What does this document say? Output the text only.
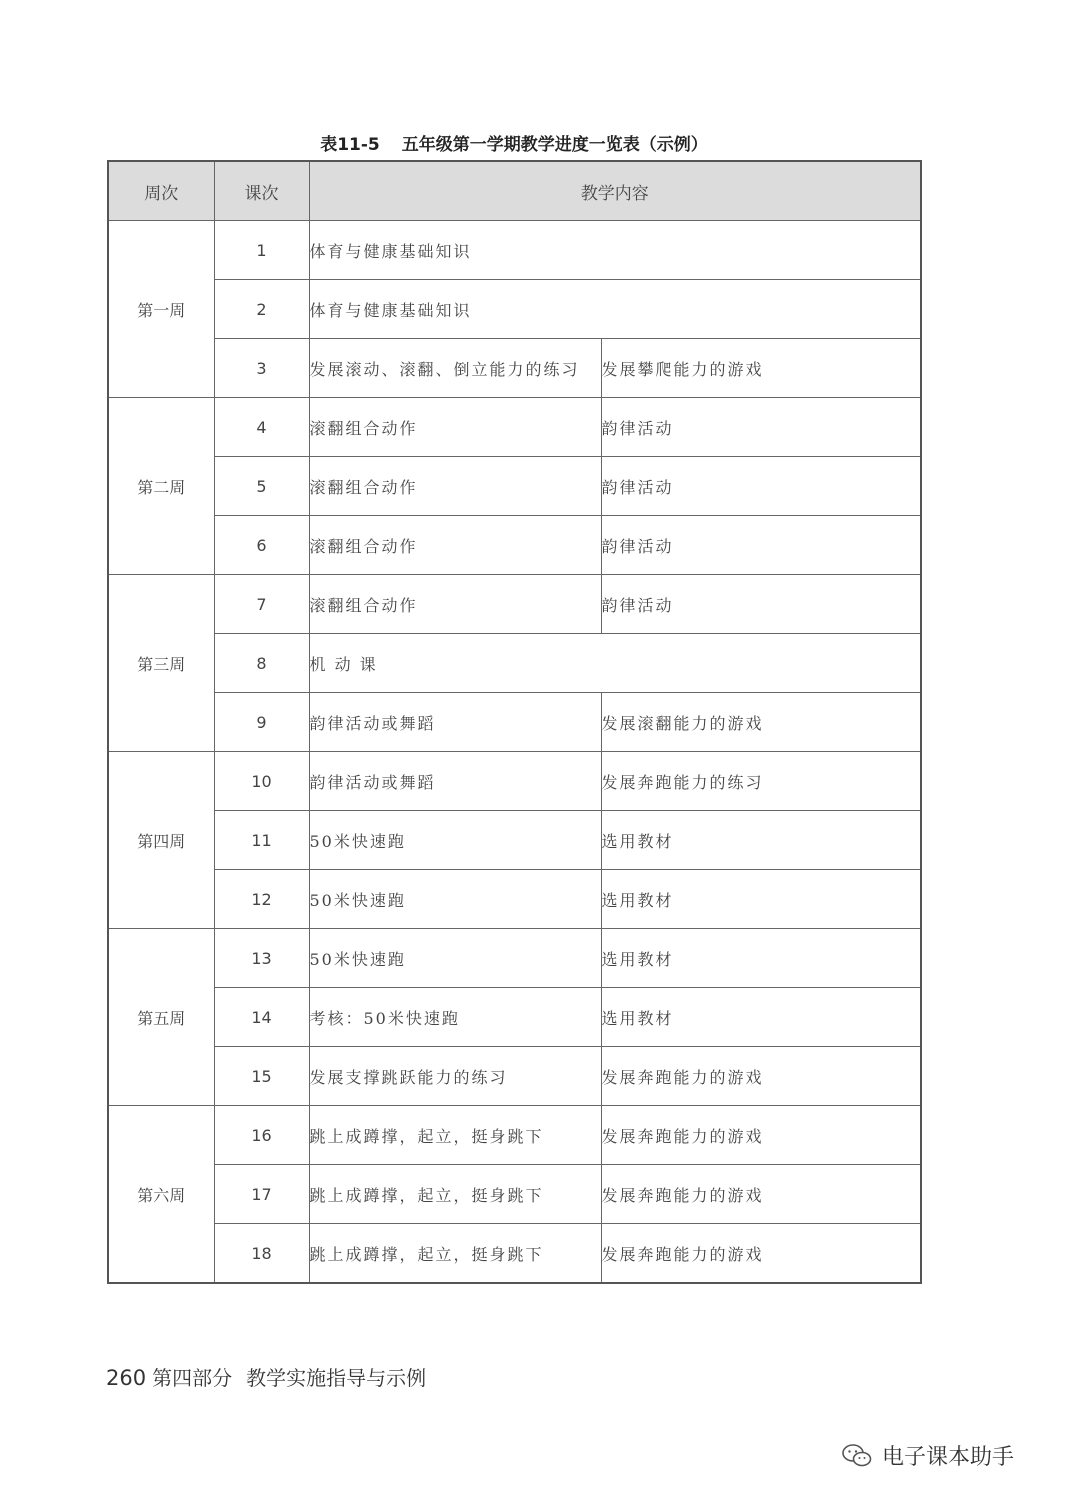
表11-5 五年级第一学期教学进度一览表（示例）
周次	课次	教学内容	
第一周	1	体育与健康基础知识	
	2	体育与健康基础知识	
	3	发展滚动、滚翻、倒立能力的练习	发展攀爬能力的游戏
第二周	4	滚翻组合动作	韵律活动
	5	滚翻组合动作	韵律活动
	6	滚翻组合动作	韵律活动
第三周	7	滚翻组合动作	韵律活动
	8	机 动 课	
	9	韵律活动或舞蹈	发展滚翻能力的游戏
第四周	10	韵律活动或舞蹈	发展奔跑能力的练习
	11	50米快速跑	选用教材
	12	50米快速跑	选用教材
第五周	13	50米快速跑	选用教材
	14	考核：50米快速跑	选用教材
	15	发展支撑跳跃能力的练习	发展奔跑能力的游戏
第六周	16	跳上成蹲撑，起立，挺身跳下	发展奔跑能力的游戏
	17	跳上成蹲撑，起立，挺身跳下	发展奔跑能力的游戏
	18	跳上成蹲撑，起立，挺身跳下	发展奔跑能力的游戏
260 第四部分 教学实施指导与示例
电子课本助手
